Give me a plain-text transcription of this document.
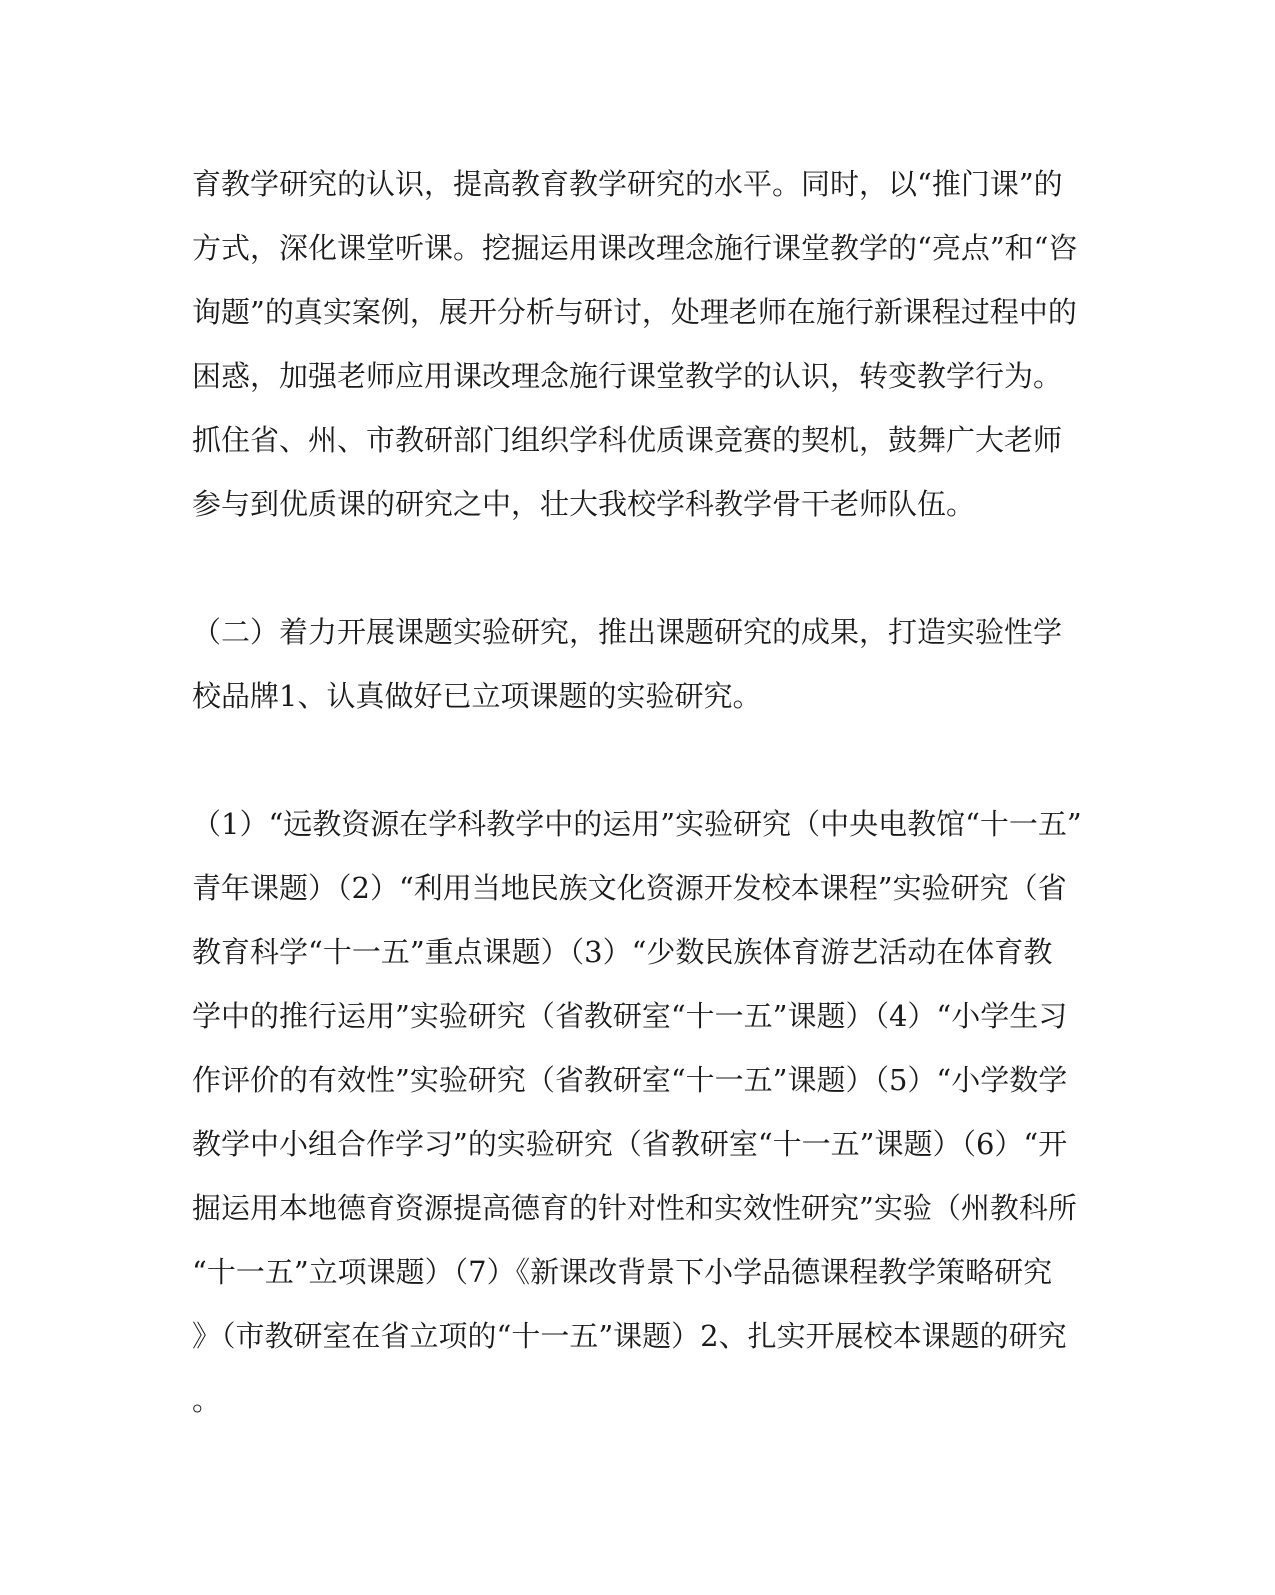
育教学研究的认识，提高教育教学研究的水平。同时，以“推门课”的
方式，深化课堂听课。挖掘运用课改理念施行课堂教学的“亮点”和“咨
询题”的真实案例，展开分析与研讨，处理老师在施行新课程过程中的
困惑，加强老师应用课改理念施行课堂教学的认识，转变教学行为。
抓住省、州、市教研部门组织学科优质课竞赛的契机，鼓舞广大老师
参与到优质课的研究之中，壮大我校学科教学骨干老师队伍。
（二）着力开展课题实验研究，推出课题研究的成果，打造实验性学
校品牌1、认真做好已立项课题的实验研究。
（1）“远教资源在学科教学中的运用”实验研究（中央电教馆“十一五”
青年课题）（2）“利用当地民族文化资源开发校本课程”实验研究（省
教育科学“十一五”重点课题）（3）“少数民族体育游艺活动在体育教
学中的推行运用”实验研究（省教研室“十一五”课题）（4）“小学生习
作评价的有效性”实验研究（省教研室“十一五”课题）（5）“小学数学
教学中小组合作学习”的实验研究（省教研室“十一五”课题）（6）“开
掘运用本地德育资源提高德育的针对性和实效性研究”实验（州教科所
“十一五”立项课题）（7）《新课改背景下小学品德课程教学策略研究
》（市教研室在省立项的“十一五”课题）2、扎实开展校本课题的研究
。
